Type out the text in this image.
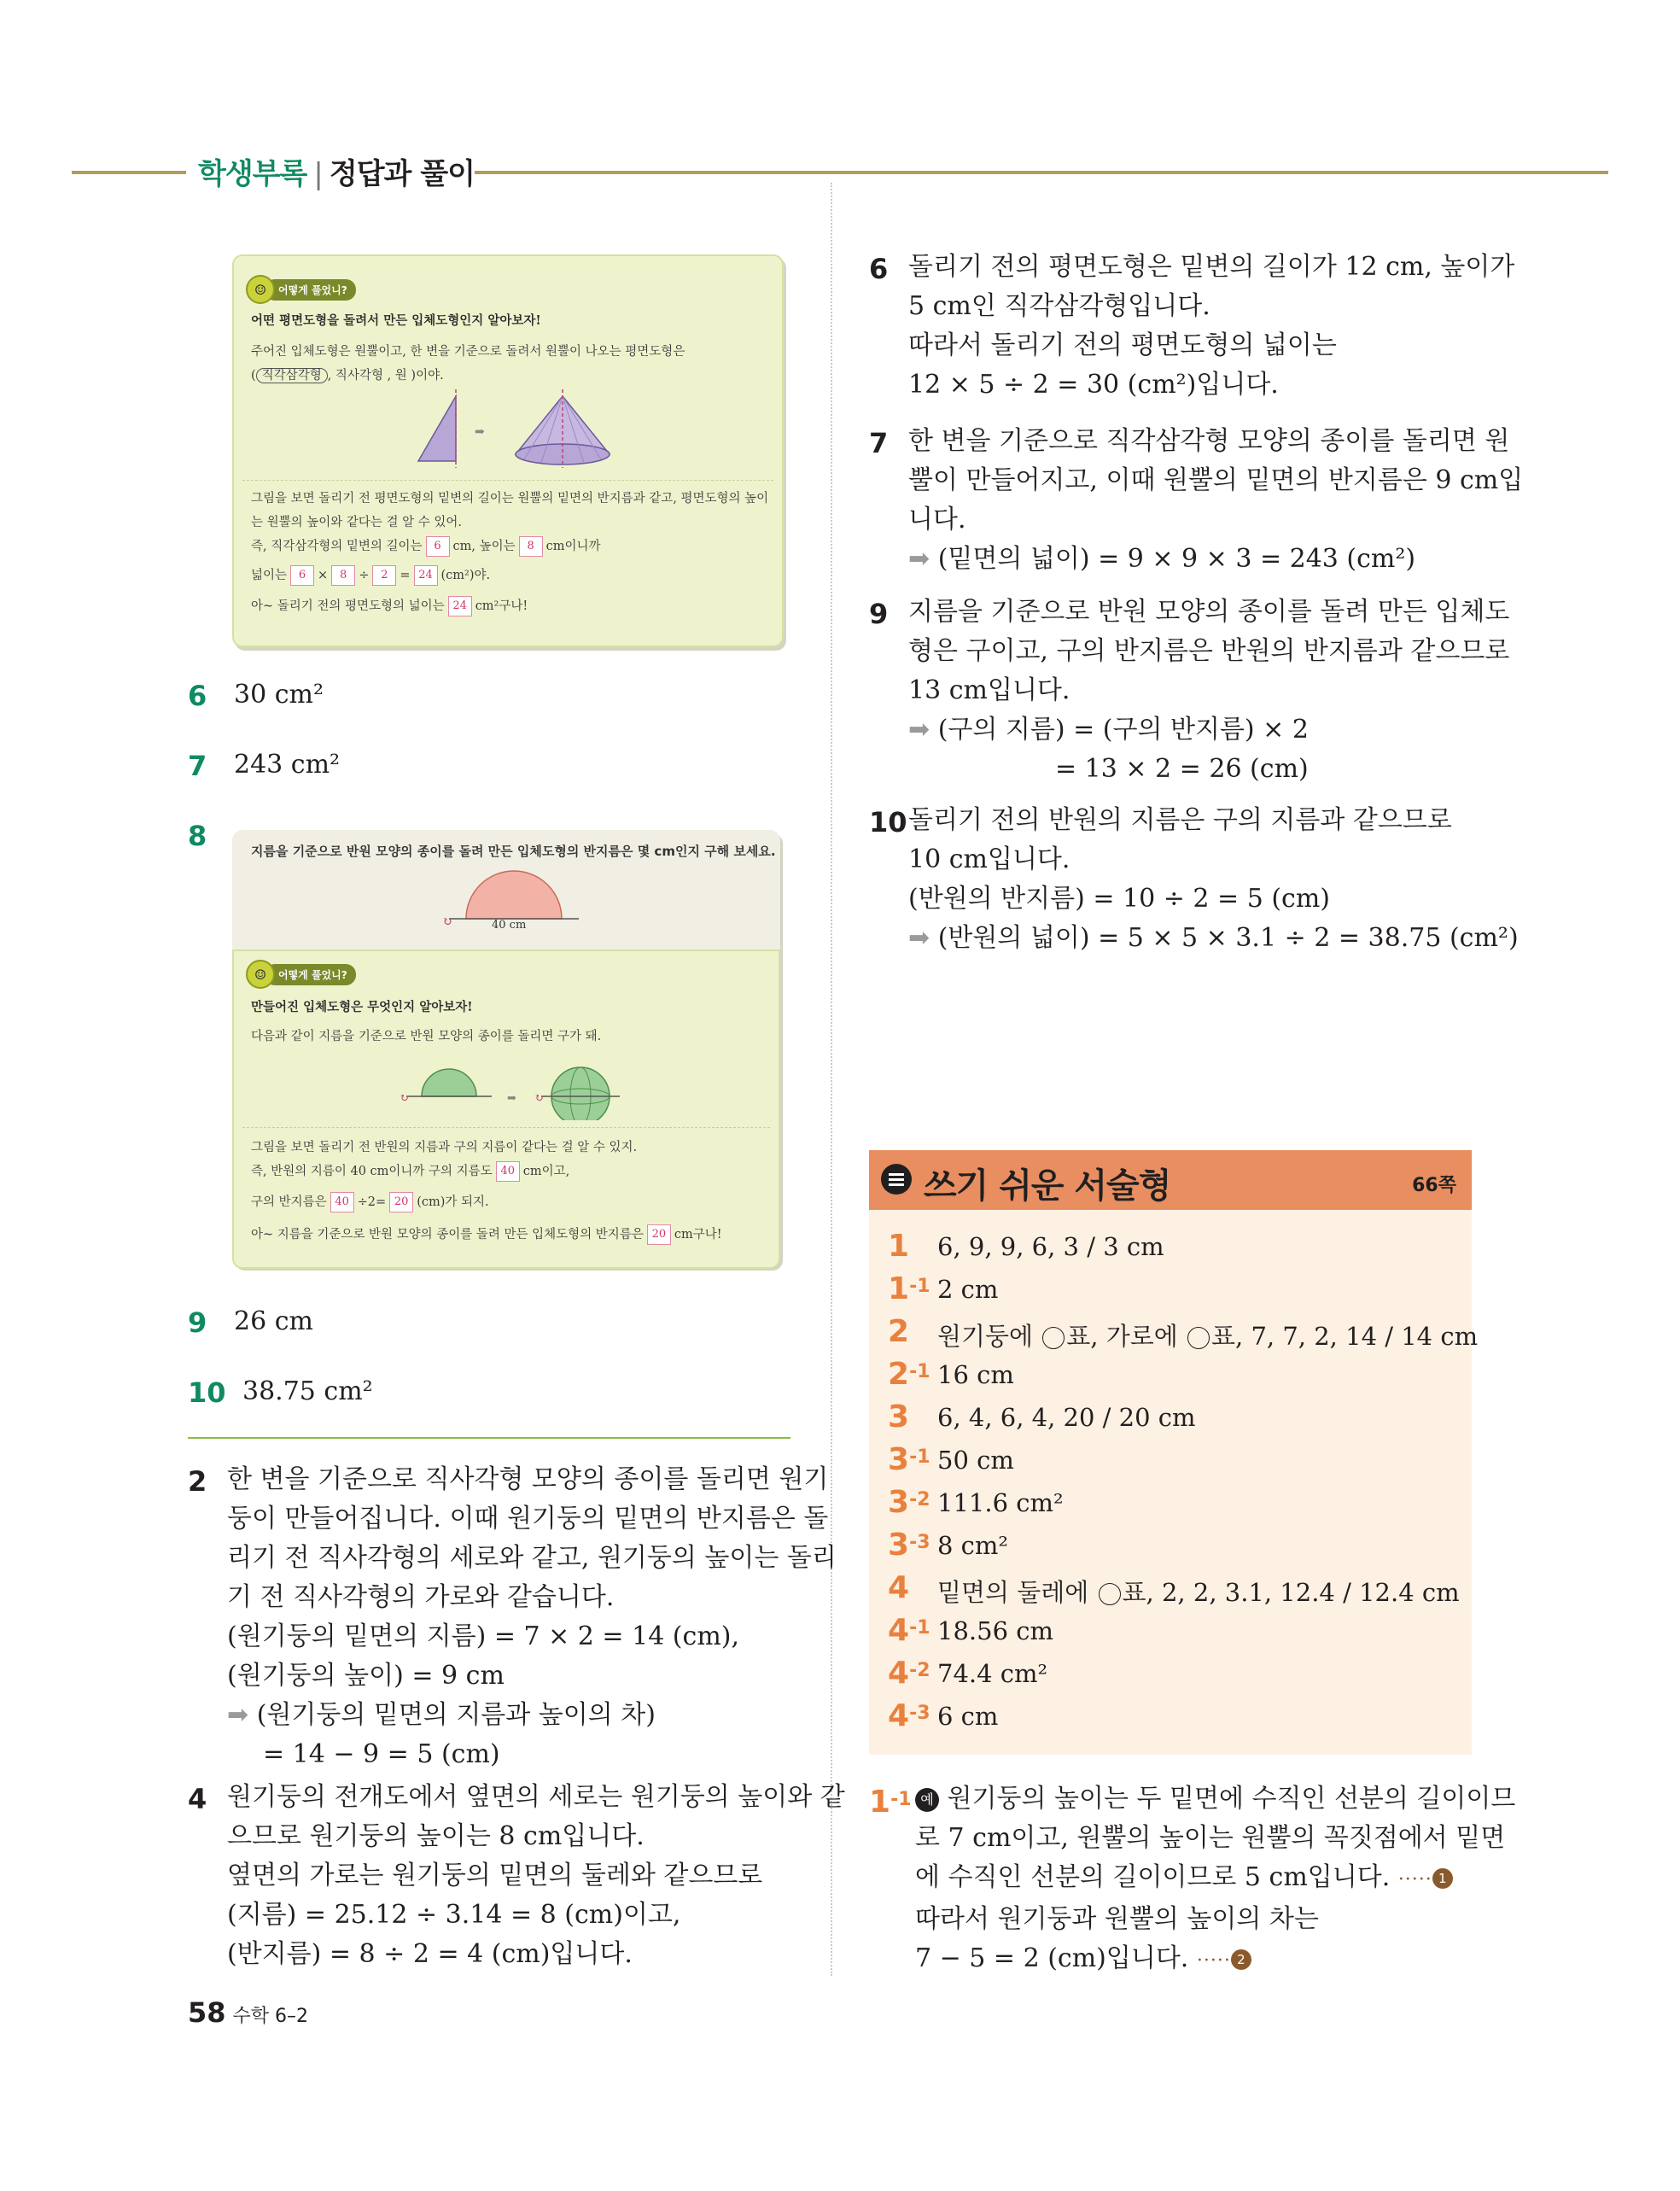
학생부록 | 정답과 풀이
☺	어떻게 풀었니?
어떤 평면도형을 돌려서 만든 입체도형인지 알아보자!
주어진 입체도형은 원뿔이고, 한 변을 기준으로 돌려서 원뿔이 나오는 평면도형은
( 직각삼각형 , 직사각형 , 원 )이야.
➡
그림을 보면 돌리기 전 평면도형의 밑변의 길이는 원뿔의 밑면의 반지름과 같고, 평면도형의 높이
는 원뿔의 높이와 같다는 걸 알 수 있어.
즉, 직각삼각형의 밑변의 길이는 6 cm, 높이는 8 cm이니까
넓이는 6 × 8 ÷ 2 = 24 (cm²)야.
아~ 돌리기 전의 평면도형의 넓이는 24 cm²구나!
6 30 cm²
7 243 cm²
8	지름을 기준으로 반원 모양의 종이를 돌려 만든 입체도형의 반지름은 몇 cm인지 구해 보세요.
↻	40 cm
☺	어떻게 풀었니?
만들어진 입체도형은 무엇인지 알아보자!
다음과 같이 지름을 기준으로 반원 모양의 종이를 돌리면 구가 돼.
↻	➡ ↻
그림을 보면 돌리기 전 반원의 지름과 구의 지름이 같다는 걸 알 수 있지.
즉, 반원의 지름이 40 cm이니까 구의 지름도 40 cm이고,
구의 반지름은 40 ÷2= 20 (cm)가 되지.
아~ 지름을 기준으로 반원 모양의 종이를 돌려 만든 입체도형의 반지름은 20 cm구나!
9 26 cm
10 38.75 cm²
2 한 변을 기준으로 직사각형 모양의 종이를 돌리면 원기
둥이 만들어집니다. 이때 원기둥의 밑면의 반지름은 돌
리기 전 직사각형의 세로와 같고, 원기둥의 높이는 돌리
기 전 직사각형의 가로와 같습니다.
(원기둥의 밑면의 지름) = 7 × 2 = 14 (cm),
(원기둥의 높이) = 9 cm
➡ (원기둥의 밑면의 지름과 높이의 차)
= 14 − 9 = 5 (cm)
4 원기둥의 전개도에서 옆면의 세로는 원기둥의 높이와 같
으므로 원기둥의 높이는 8 cm입니다.
옆면의 가로는 원기둥의 밑면의 둘레와 같으므로
(지름) = 25.12 ÷ 3.14 = 8 (cm)이고,
(반지름) = 8 ÷ 2 = 4 (cm)입니다.
6 돌리기 전의 평면도형은 밑변의 길이가 12 cm, 높이가
5 cm인 직각삼각형입니다.
따라서 돌리기 전의 평면도형의 넓이는
12 × 5 ÷ 2 = 30 (cm²)입니다.
7 한 변을 기준으로 직각삼각형 모양의 종이를 돌리면 원
뿔이 만들어지고, 이때 원뿔의 밑면의 반지름은 9 cm입
니다.
➡ (밑면의 넓이) = 9 × 9 × 3 = 243 (cm²)
9 지름을 기준으로 반원 모양의 종이를 돌려 만든 입체도
형은 구이고, 구의 반지름은 반원의 반지름과 같으므로
13 cm입니다.
➡ (구의 지름) = (구의 반지름) × 2
= 13 × 2 = 26 (cm)
10 돌리기 전의 반원의 지름은 구의 지름과 같으므로
10 cm입니다.
(반원의 반지름) = 10 ÷ 2 = 5 (cm)
➡ (반원의 넓이) = 5 × 5 × 3.1 ÷ 2 = 38.75 (cm²)
쓰기 쉬운 서술형	66쪽
1 6, 9, 9, 6, 3 / 3 cm
$1^{-1}$ 2 cm
2 원기둥에 ○ 표, 가로에 ○ 표, 7, 7, 2, 14 / 14 cm
$2^{-1}$ 16 cm
3 6, 4, 6, 4, 20 / 20 cm
$3^{-1}$ 50 cm
$3^{-2}$ 111.6 cm²
$3^{-3}$ 8 cm²
4 밑면의 둘레에 ○ 표, 2, 2, 3.1, 12.4 / 12.4 cm
$4^{-1}$ 18.56 cm
$4^{-2}$ 74.4 cm²
$4^{-3}$ 6 cm
$1^{-1}$ 예 원기둥의 높이는 두 밑면에 수직인 선분의 길이이므
로 7 cm이고, 원뿔의 높이는 원뿔의 꼭짓점에서 밑면
에 수직인 선분의 길이이므로 5 cm입니다. ····· 1
따라서 원기둥과 원뿔의 높이의 차는
7 − 5 = 2 (cm)입니다. ····· 2
58 수학 6–2
